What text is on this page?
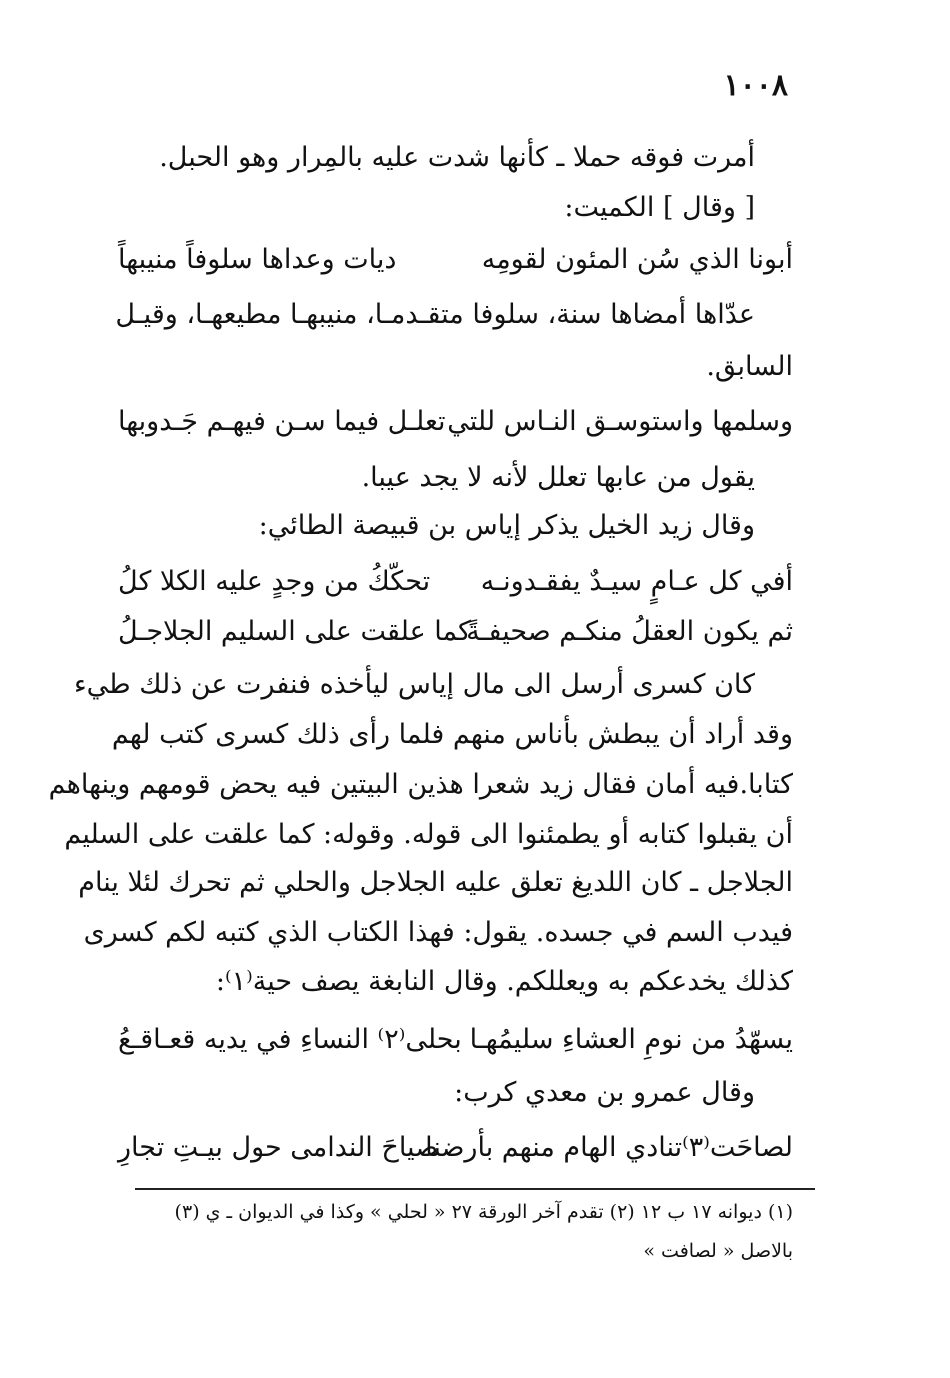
١٠٠٨
أمرت فوقه حملا ـ كأنها شدت عليه بالمِرار وهو الحبل.
[ وقال ] الكميت:
أبونا الذي سُن المئون لقومِه
ديات وعداها سلوفاً منيبهاً
عدّاها أمضاها سنة، سلوفا متقـدمـا، منيبهـا مطيعهـا، وقيـل
السابق.
وسلمها واستوسـق النـاس للتي
تعلـل فيما سـن فيهـم جَـدوبها
يقول من عابها تعلل لأنه لا يجد عيبا.
وقال زيد الخيل يذكر إياس بن قبيصة الطائي:
أفي كل عـامٍ سيـدٌ يفقـدونـه
تحكّكُ من وجدٍ عليه الكلا كلُ
ثم يكون العقلُ منكـم صحيفـةً
كما علقت على السليم الجلاجـلُ
كان كسرى أرسل الى مال إياس ليأخذه فنفرت عن ذلك طيء
وقد أراد أن يبطش بأناس منهم فلما رأى ذلك كسرى كتب لهم
كتابا.فيه أمان فقال زيد شعرا هذين البيتين فيه يحض قومهم وينهاهم
أن يقبلوا كتابه أو يطمئنوا الى قوله. وقوله: كما علقت على السليم
الجلاجل ـ كان اللديغ تعلق عليه الجلاجل والحلي ثم تحرك لئلا ينام
فيدب السم في جسده. يقول: فهذا الكتاب الذي كتبه لكم كسرى
كذلك يخدعكم به ويعللكم. وقال النابغة يصف حية⁽١⁾:
يسهّدُ من نومِ العشاءِ سليمُهـا
بحلى⁽٢⁾ النساءِ في يديه قعـاقـعُ
وقال عمرو بن معدي كرب:
لصاحَت⁽٣⁾تنادي الهام منهم بأرضنا
صياحَ الندامى حول بيـتِ تجارِ
(١) ديوانه ١٧ ب ١٢ (٢) تقدم آخر الورقة ٢٧ « لحلي » وكذا في الديوان ـ ي (٣)
بالاصل « لصافت »
